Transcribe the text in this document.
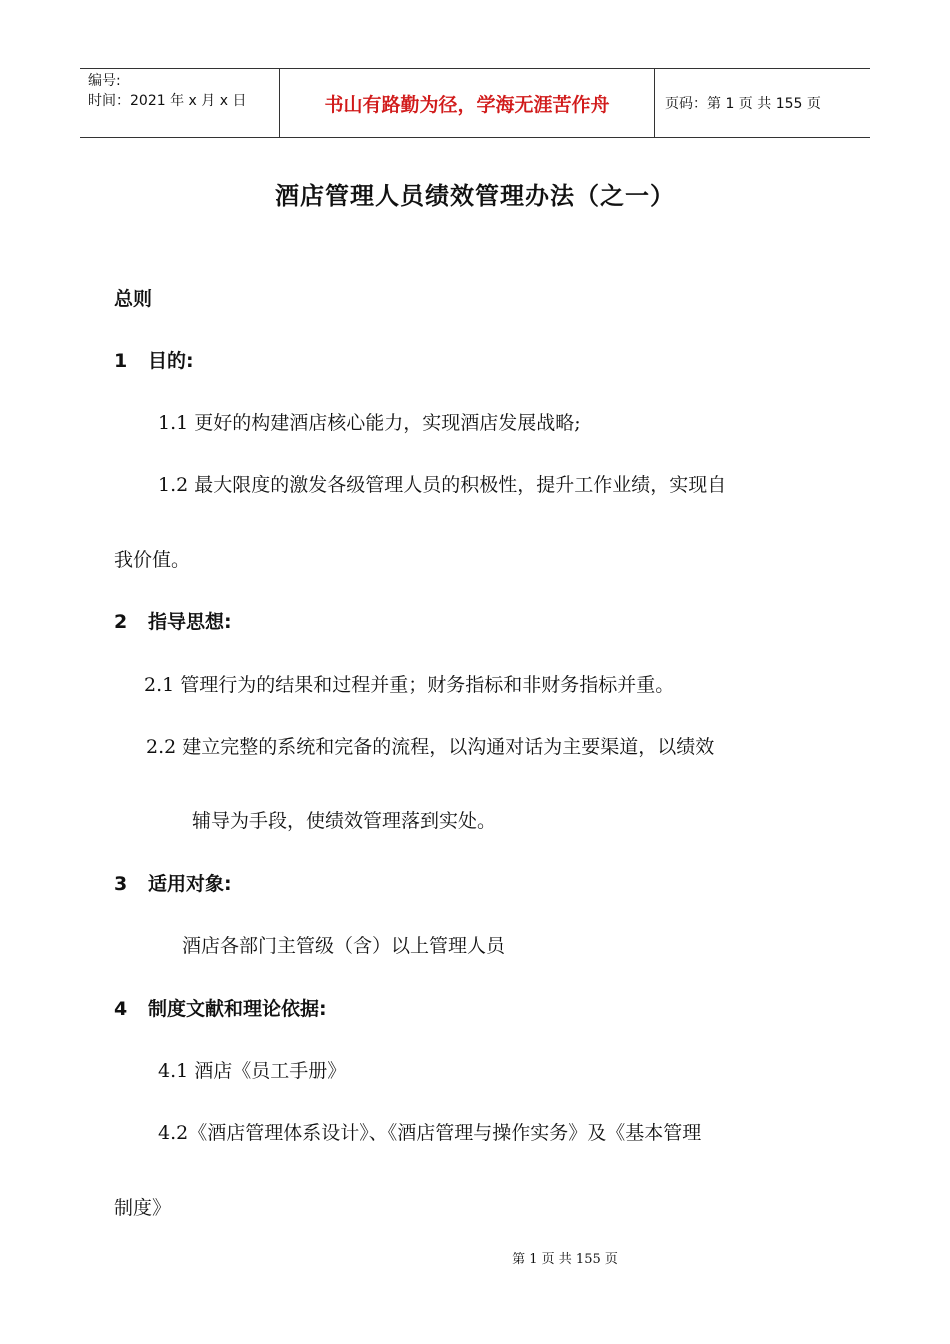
编号:
时间：2021 年 x 月 x 日	书山有路勤为径，学海无涯苦作舟	页码：第 1 页 共 155 页
酒店管理人员绩效管理办法（之一）
总则
1 目的:
1.1 更好的构建酒店核心能力，实现酒店发展战略;
1.2 最大限度的激发各级管理人员的积极性，提升工作业绩，实现自
我价值。
2 指导思想:
2.1 管理行为的结果和过程并重；财务指标和非财务指标并重。
2.2 建立完整的系统和完备的流程，以沟通对话为主要渠道，以绩效
辅导为手段，使绩效管理落到实处。
3 适用对象:
酒店各部门主管级（含）以上管理人员
4 制度文献和理论依据:
4.1 酒店《员工手册》
4.2《酒店管理体系设计》、《酒店管理与操作实务》及《基本管理
制度》
第 1 页 共 155 页
